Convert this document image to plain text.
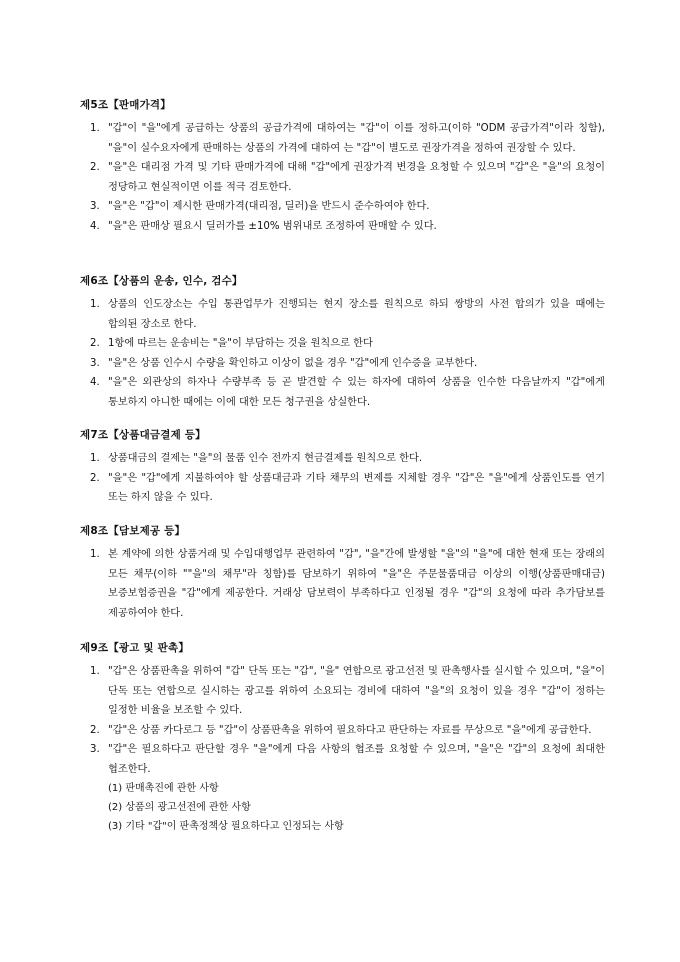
제5조【판매가격】
1. "갑"이 "을"에게 공급하는 상품의 공급가격에 대하여는 "갑"이 이를 정하고(이하 "ODM 공급가격"이라 칭함), "을"이 실수요자에게 판매하는 상품의 가격에 대하여 는 "갑"이 별도로 권장가격을 정하여 권장할 수 있다.
2. "을"은 대리점 가격 및 기타 판매가격에 대해 "갑"에게 권장가격 변경을 요청할 수 있으며 "갑"은 "을"의 요청이 정당하고 현실적이면 이를 적극 검토한다.
3. "을"은 "갑"이 제시한 판매가격(대리점, 딜러)을 반드시 준수하여야 한다.
4. "을"은 판매상 필요시 딜러가를 ±10% 범위내로 조정하여 판매할 수 있다.
제6조【상품의 운송, 인수, 검수】
1. 상품의 인도장소는 수입 통관업무가 진행되는 현지 장소를 원칙으로 하되 쌍방의 사전 합의가 있을 때에는 합의된 장소로 한다.
2. 1항에 따르는 운송비는 "을"이 부담하는 것을 원칙으로 한다
3. "을"은 상품 인수시 수량을 확인하고 이상이 없을 경우 "갑"에게 인수증을 교부한다.
4. "을"은 외관상의 하자나 수량부족 등 곧 발견할 수 있는 하자에 대하여 상품을 인수한 다음날까지 "갑"에게 통보하지 아니한 때에는 이에 대한 모든 청구권을 상실한다.
제7조【상품대금결제 등】
1. 상품대금의 결제는 "을"의 물품 인수 전까지 현금결제를 원칙으로 한다.
2. "을"은 "갑"에게 지불하여야 할 상품대금과 기타 채무의 변제를 지체할 경우 "갑"은 "을"에게 상품인도를 연기 또는 하지 않을 수 있다.
제8조【담보제공 등】
1. 본 계약에 의한 상품거래 및 수입대행업무 관련하여 "갑", "을"간에 발생할 "을"의 "을"에 대한 현재 또는 장래의 모든 채무(이하 ""을"의 채무"라 칭함)를 담보하기 위하여 "을"은 주문물품대금 이상의 이행(상품판매대금)보증보험증권을 "갑"에게 제공한다. 거래상 담보력이 부족하다고 인정될 경우 "갑"의 요청에 따라 추가담보를 제공하여야 한다.
제9조【광고 및 판촉】
1. "갑"은 상품판촉을 위하여 "갑" 단독 또는 "갑", "을" 연합으로 광고선전 및 판촉행사를 실시할 수 있으며, "을"이 단독 또는 연합으로 실시하는 광고를 위하여 소요되는 경비에 대하여 "을"의 요청이 있을 경우 "갑"이 정하는 일정한 비율을 보조할 수 있다.
2. "갑"은 상품 카다로그 등 "갑"이 상품판촉을 위하여 필요하다고 판단하는 자료를 무상으로 "을"에게 공급한다.
3. "갑"은 필요하다고 판단할 경우 "을"에게 다음 사항의 협조를 요청할 수 있으며, "을"은 "갑"의 요청에 최대한 협조한다.
(1) 판매촉진에 관한 사항
(2) 상품의 광고선전에 관한 사항
(3) 기타 "갑"이 판촉정책상 필요하다고 인정되는 사항
